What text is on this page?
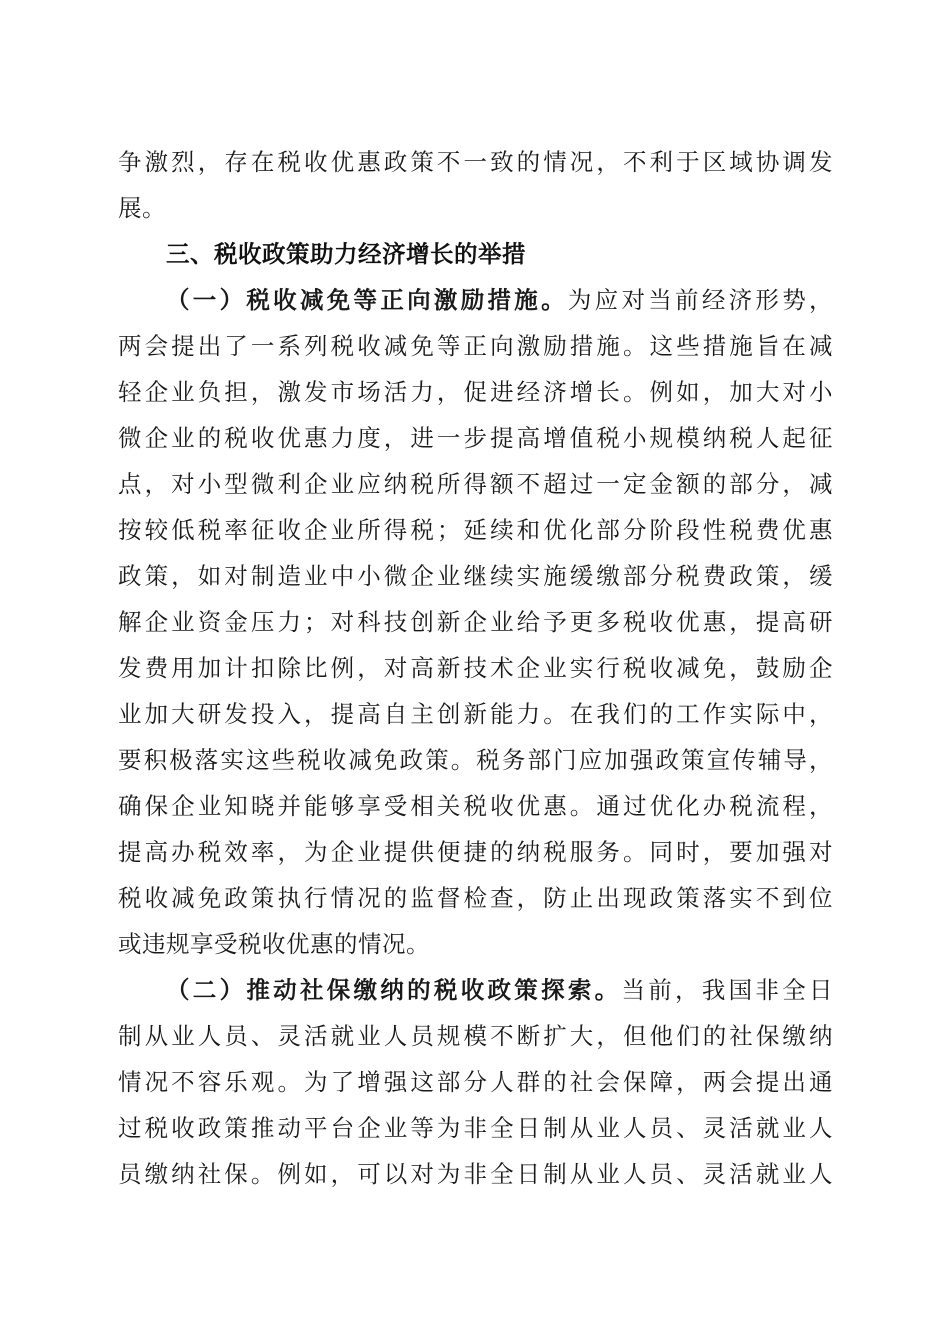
争激烈，存在税收优惠政策不一致的情况，不利于区域协调发
展。
三、税收政策助力经济增长的举措
（一）税收减免等正向激励措施。为应对当前经济形势，
两会提出了一系列税收减免等正向激励措施。这些措施旨在减
轻企业负担，激发市场活力，促进经济增长。例如，加大对小
微企业的税收优惠力度，进一步提高增值税小规模纳税人起征
点，对小型微利企业应纳税所得额不超过一定金额的部分，减
按较低税率征收企业所得税；延续和优化部分阶段性税费优惠
政策，如对制造业中小微企业继续实施缓缴部分税费政策，缓
解企业资金压力；对科技创新企业给予更多税收优惠，提高研
发费用加计扣除比例，对高新技术企业实行税收减免，鼓励企
业加大研发投入，提高自主创新能力。在我们的工作实际中，
要积极落实这些税收减免政策。税务部门应加强政策宣传辅导，
确保企业知晓并能够享受相关税收优惠。通过优化办税流程，
提高办税效率，为企业提供便捷的纳税服务。同时，要加强对
税收减免政策执行情况的监督检查，防止出现政策落实不到位
或违规享受税收优惠的情况。
（二）推动社保缴纳的税收政策探索。当前，我国非全日
制从业人员、灵活就业人员规模不断扩大，但他们的社保缴纳
情况不容乐观。为了增强这部分人群的社会保障，两会提出通
过税收政策推动平台企业等为非全日制从业人员、灵活就业人
员缴纳社保。例如，可以对为非全日制从业人员、灵活就业人
